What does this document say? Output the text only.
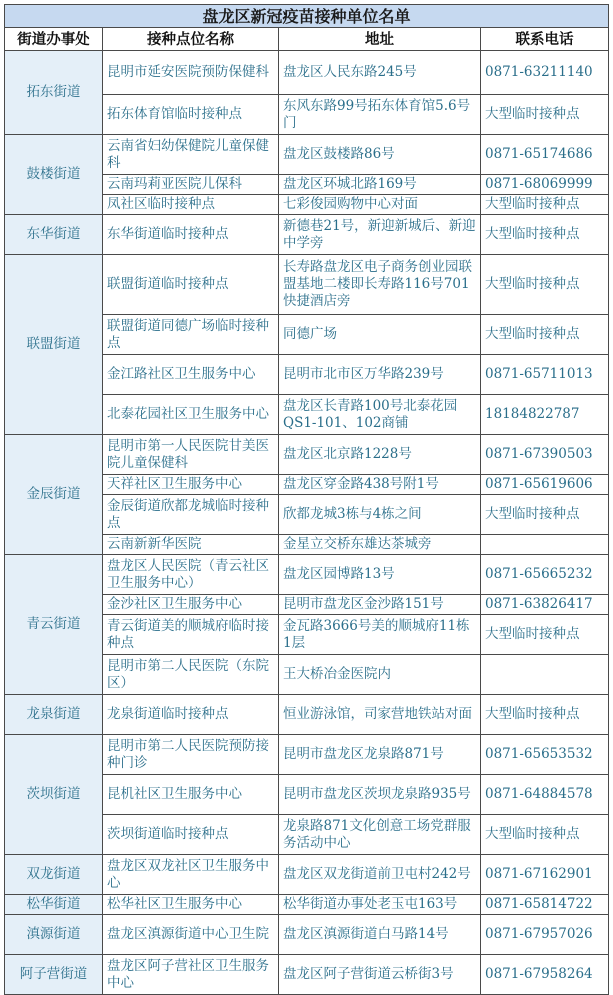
盘龙区新冠疫苗接种单位名单			
街道办事处	接种点位名称	地址	联系电话
拓东街道	昆明市延安医院预防保健科	盘龙区人民东路245号	0871-63211140
	拓东体育馆临时接种点	东风东路99号拓东体育馆5.6号门	大型临时接种点
鼓楼街道	云南省妇幼保健院儿童保健科	盘龙区鼓楼路86号	0871-65174686
	云南玛莉亚医院儿保科	盘龙区环城北路169号	0871-68069999
	凤社区临时接种点	七彩俊园购物中心对面	大型临时接种点
东华街道	东华街道临时接种点	新德巷21号，新迎新城后、新迎中学旁	大型临时接种点
联盟街道	联盟街道临时接种点	长寿路盘龙区电子商务创业园联盟基地二楼即长寿路116号701快捷酒店旁	大型临时接种点
	联盟街道同德广场临时接种点	同德广场	大型临时接种点
	金江路社区卫生服务中心	昆明市北市区万华路239号	0871-65711013
	北泰花园社区卫生服务中心	盘龙区长青路100号北泰花园QS1-101、102商铺	18184822787
金辰街道	昆明市第一人民医院甘美医院儿童保健科	盘龙区北京路1228号	0871-67390503
	天祥社区卫生服务中心	盘龙区穿金路438号附1号	0871-65619606
	金辰街道欣都龙城临时接种点	欣都龙城3栋与4栋之间	大型临时接种点
	云南新新华医院	金星立交桥东雄达茶城旁	
青云街道	盘龙区人民医院（青云社区卫生服务中心）	盘龙区园博路13号	0871-65665232
	金沙社区卫生服务中心	昆明市盘龙区金沙路151号	0871-63826417
	青云街道美的顺城府临时接种点	金瓦路3666号美的顺城府11栋1层	大型临时接种点
	昆明市第二人民医院（东院区）	王大桥冶金医院内	
龙泉街道	龙泉街道临时接种点	恒业游泳馆，司家营地铁站对面	大型临时接种点
茨坝街道	昆明市第二人民医院预防接种门诊	昆明市盘龙区龙泉路871号	0871-65653532
	昆机社区卫生服务中心	昆明市盘龙区茨坝龙泉路935号	0871-64884578
	茨坝街道临时接种点	龙泉路871文化创意工场党群服务活动中心	大型临时接种点
双龙街道	盘龙区双龙社区卫生服务中心	盘龙区双龙街道前卫屯村242号	0871-67162901
松华街道	松华社区卫生服务中心	松华街道办事处老玉屯163号	0871-65814722
滇源街道	盘龙区滇源街道中心卫生院	盘龙区滇源街道白马路14号	0871-67957026
阿子营街道	盘龙区阿子营社区卫生服务中心	盘龙区阿子营街道云桥街3号	0871-67958264
